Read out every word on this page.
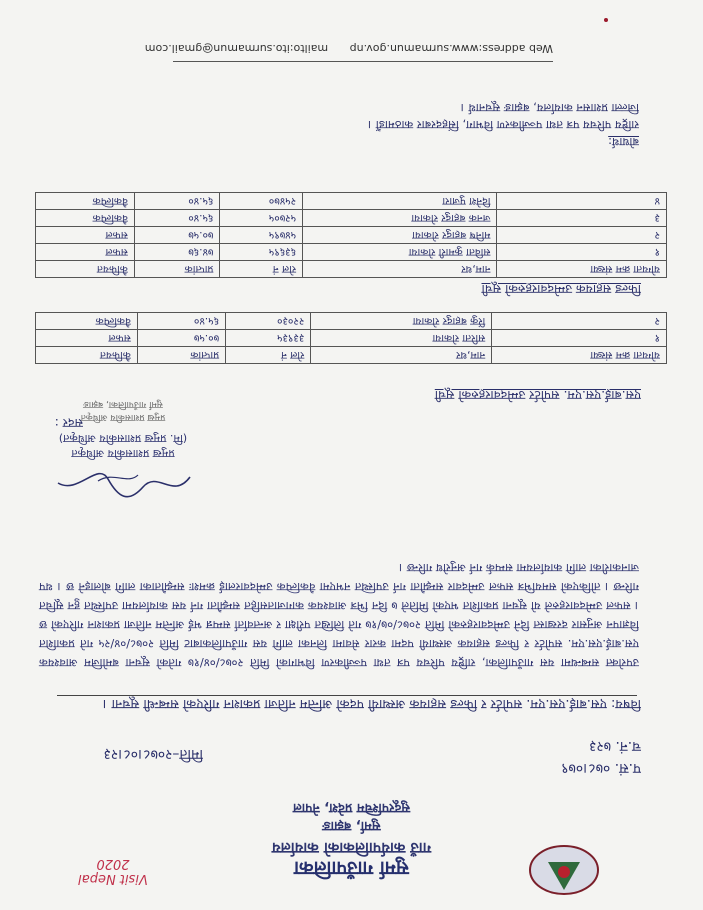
Visit Nepal 2020	सुर्मा गाउँपालिका
गाउँ कार्यपालिकाको कार्यालय
सुर्मा, बझाङ
सुदूरपश्चिम प्रदेश, नेपाल
प.सं. ०७८।०७९
च.नं. ७२३
मिति–२०७८।०८।२३
विषय: एस.बाई.एस.एम. सपोर्टर र फिल्ड सहायक अस्थायी पदको अन्तिम नतिजा प्रकाशन गरिएको सम्बन्धी सूचना ।
उपरोक्त सम्बन्धमा यस गाउँपालिका, राष्ट्रिय परिचय पत्र तथा पञ्जीकरण विभागको मिति २०७८/०४/१७ गतेको सूचना बमोजिम आवश्यक एस.बाई.एस.एम. सपोर्टर र फिल्ड सहायक अस्थायी पदमा करार सेवामा लिनका लागि यस गाउँपालिकाबाट मिति २०७८/०४/२५ गते प्रकाशित विज्ञापन अनुसार दरखास्त दिने उम्मेदवारहरुको मिति २०७८/०७/१७ गते लिखित परीक्षा र अन्तर्वार्ता सम्पन्न भई अन्तिम नतिजा प्रकाशन गरिएको छ । सफल उम्मेदवारहरुले यो सूचना प्रकाशित भएको मितिले ७ दिन भित्र आवश्यक कागजातसहित सम्झौता गर्न यस कार्यालयमा उपस्थित हुन सूचित गरिन्छ । तोकिएको समयभित्र सफल उम्मेदवार सम्झौता गर्न उपस्थित नभएमा वैकल्पिक उम्मेदवारलाई क्रमशः सम्झौताका लागि बोलाइने छ । थप जानकारीका लागि कार्यालयमा सम्पर्क गर्न अनुरोध गरिन्छ ।
प्रमुख प्रशासकीय अधिकृत
(मि. प्रमुख प्रशासकीय अधिकृत)
प्रमुख प्रशासकीय अधिकृत
सुर्मा गाउँपालिका, बझाङ
सदर :
एस.बाई.एस.एम. सपोर्टर उम्मेदवारहरुको सूची
योग्यता क्रम संख्या	नाम,थर	रोल नं	प्राप्तांक	कैफियत
१	सरिता रोकाया	३३९३५	७०.५७	सफल
२	रिंकु बहादुर रोकाया	२२०३०	६५.४०	वैकल्पिक
फिल्ड सहायक उम्मेदवारहरुको सूची
योग्यता क्रम संख्या	नाम,थर	रोल नं	प्राप्तांक	कैफियत
१	सविता कुमारी रोकाया	६३६९५	७४.६७	सफल
२	मनिष बहादुर रोकाया	५४७९५	७०.५७	सफल
३	जनक बहादुर रोकाया	५२७०५	६५.४०	वैकल्पिक
४	दिनेश पुजारा	२५४७०	६५.४०	वैकल्पिक
बोधार्थ:
राष्ट्रिय परिचय पत्र तथा पञ्जीकरण विभाग, सिंहदरबार काठमाडौं ।
जिल्ला प्रशासन कार्यालय, बझाङ सूचनार्थ ।
Web address:www.surmamun.gov.np mailto:ito.surmamun@gmail.com
